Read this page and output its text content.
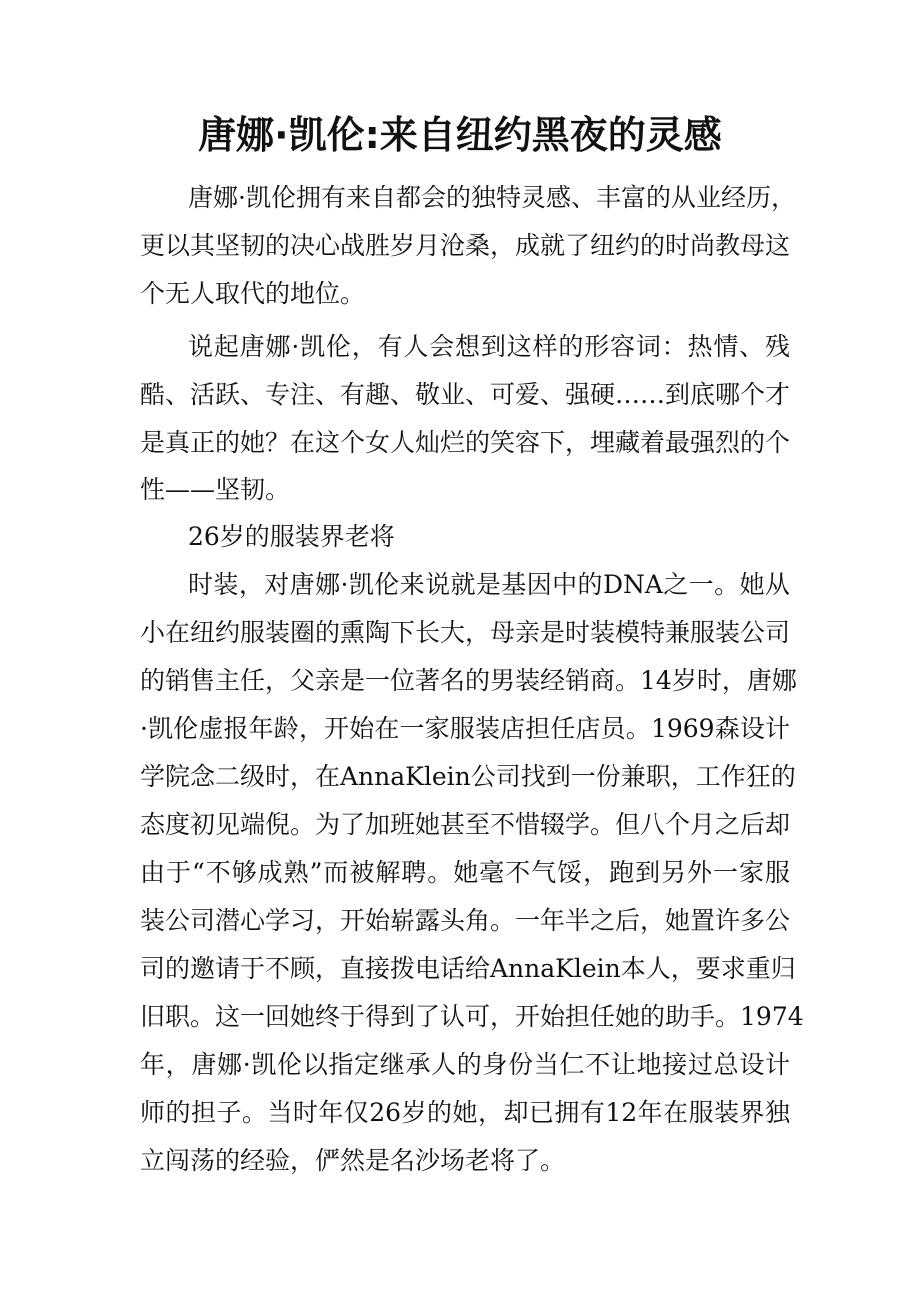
唐娜·凯伦:来自纽约黑夜的灵感
唐娜·凯伦拥有来自都会的独特灵感、丰富的从业经历，
更以其坚韧的决心战胜岁月沧桑，成就了纽约的时尚教母这
个无人取代的地位。
说起唐娜·凯伦，有人会想到这样的形容词：热情、残
酷、活跃、专注、有趣、敬业、可爱、强硬……到底哪个才
是真正的她？在这个女人灿烂的笑容下，埋藏着最强烈的个
性——坚韧。
26岁的服装界老将
时装，对唐娜·凯伦来说就是基因中的DNA之一。她从
小在纽约服装圈的熏陶下长大，母亲是时装模特兼服装公司
的销售主任，父亲是一位著名的男装经销商。14岁时，唐娜
·凯伦虚报年龄，开始在一家服装店担任店员。1969森设计
学院念二级时，在AnnaKlein公司找到一份兼职，工作狂的
态度初见端倪。为了加班她甚至不惜辍学。但八个月之后却
由于“不够成熟”而被解聘。她毫不气馁，跑到另外一家服
装公司潜心学习，开始崭露头角。一年半之后，她置许多公
司的邀请于不顾，直接拨电话给AnnaKlein本人，要求重归
旧职。这一回她终于得到了认可，开始担任她的助手。1974
年，唐娜·凯伦以指定继承人的身份当仁不让地接过总设计
师的担子。当时年仅26岁的她，却已拥有12年在服装界独
立闯荡的经验，俨然是名沙场老将了。
